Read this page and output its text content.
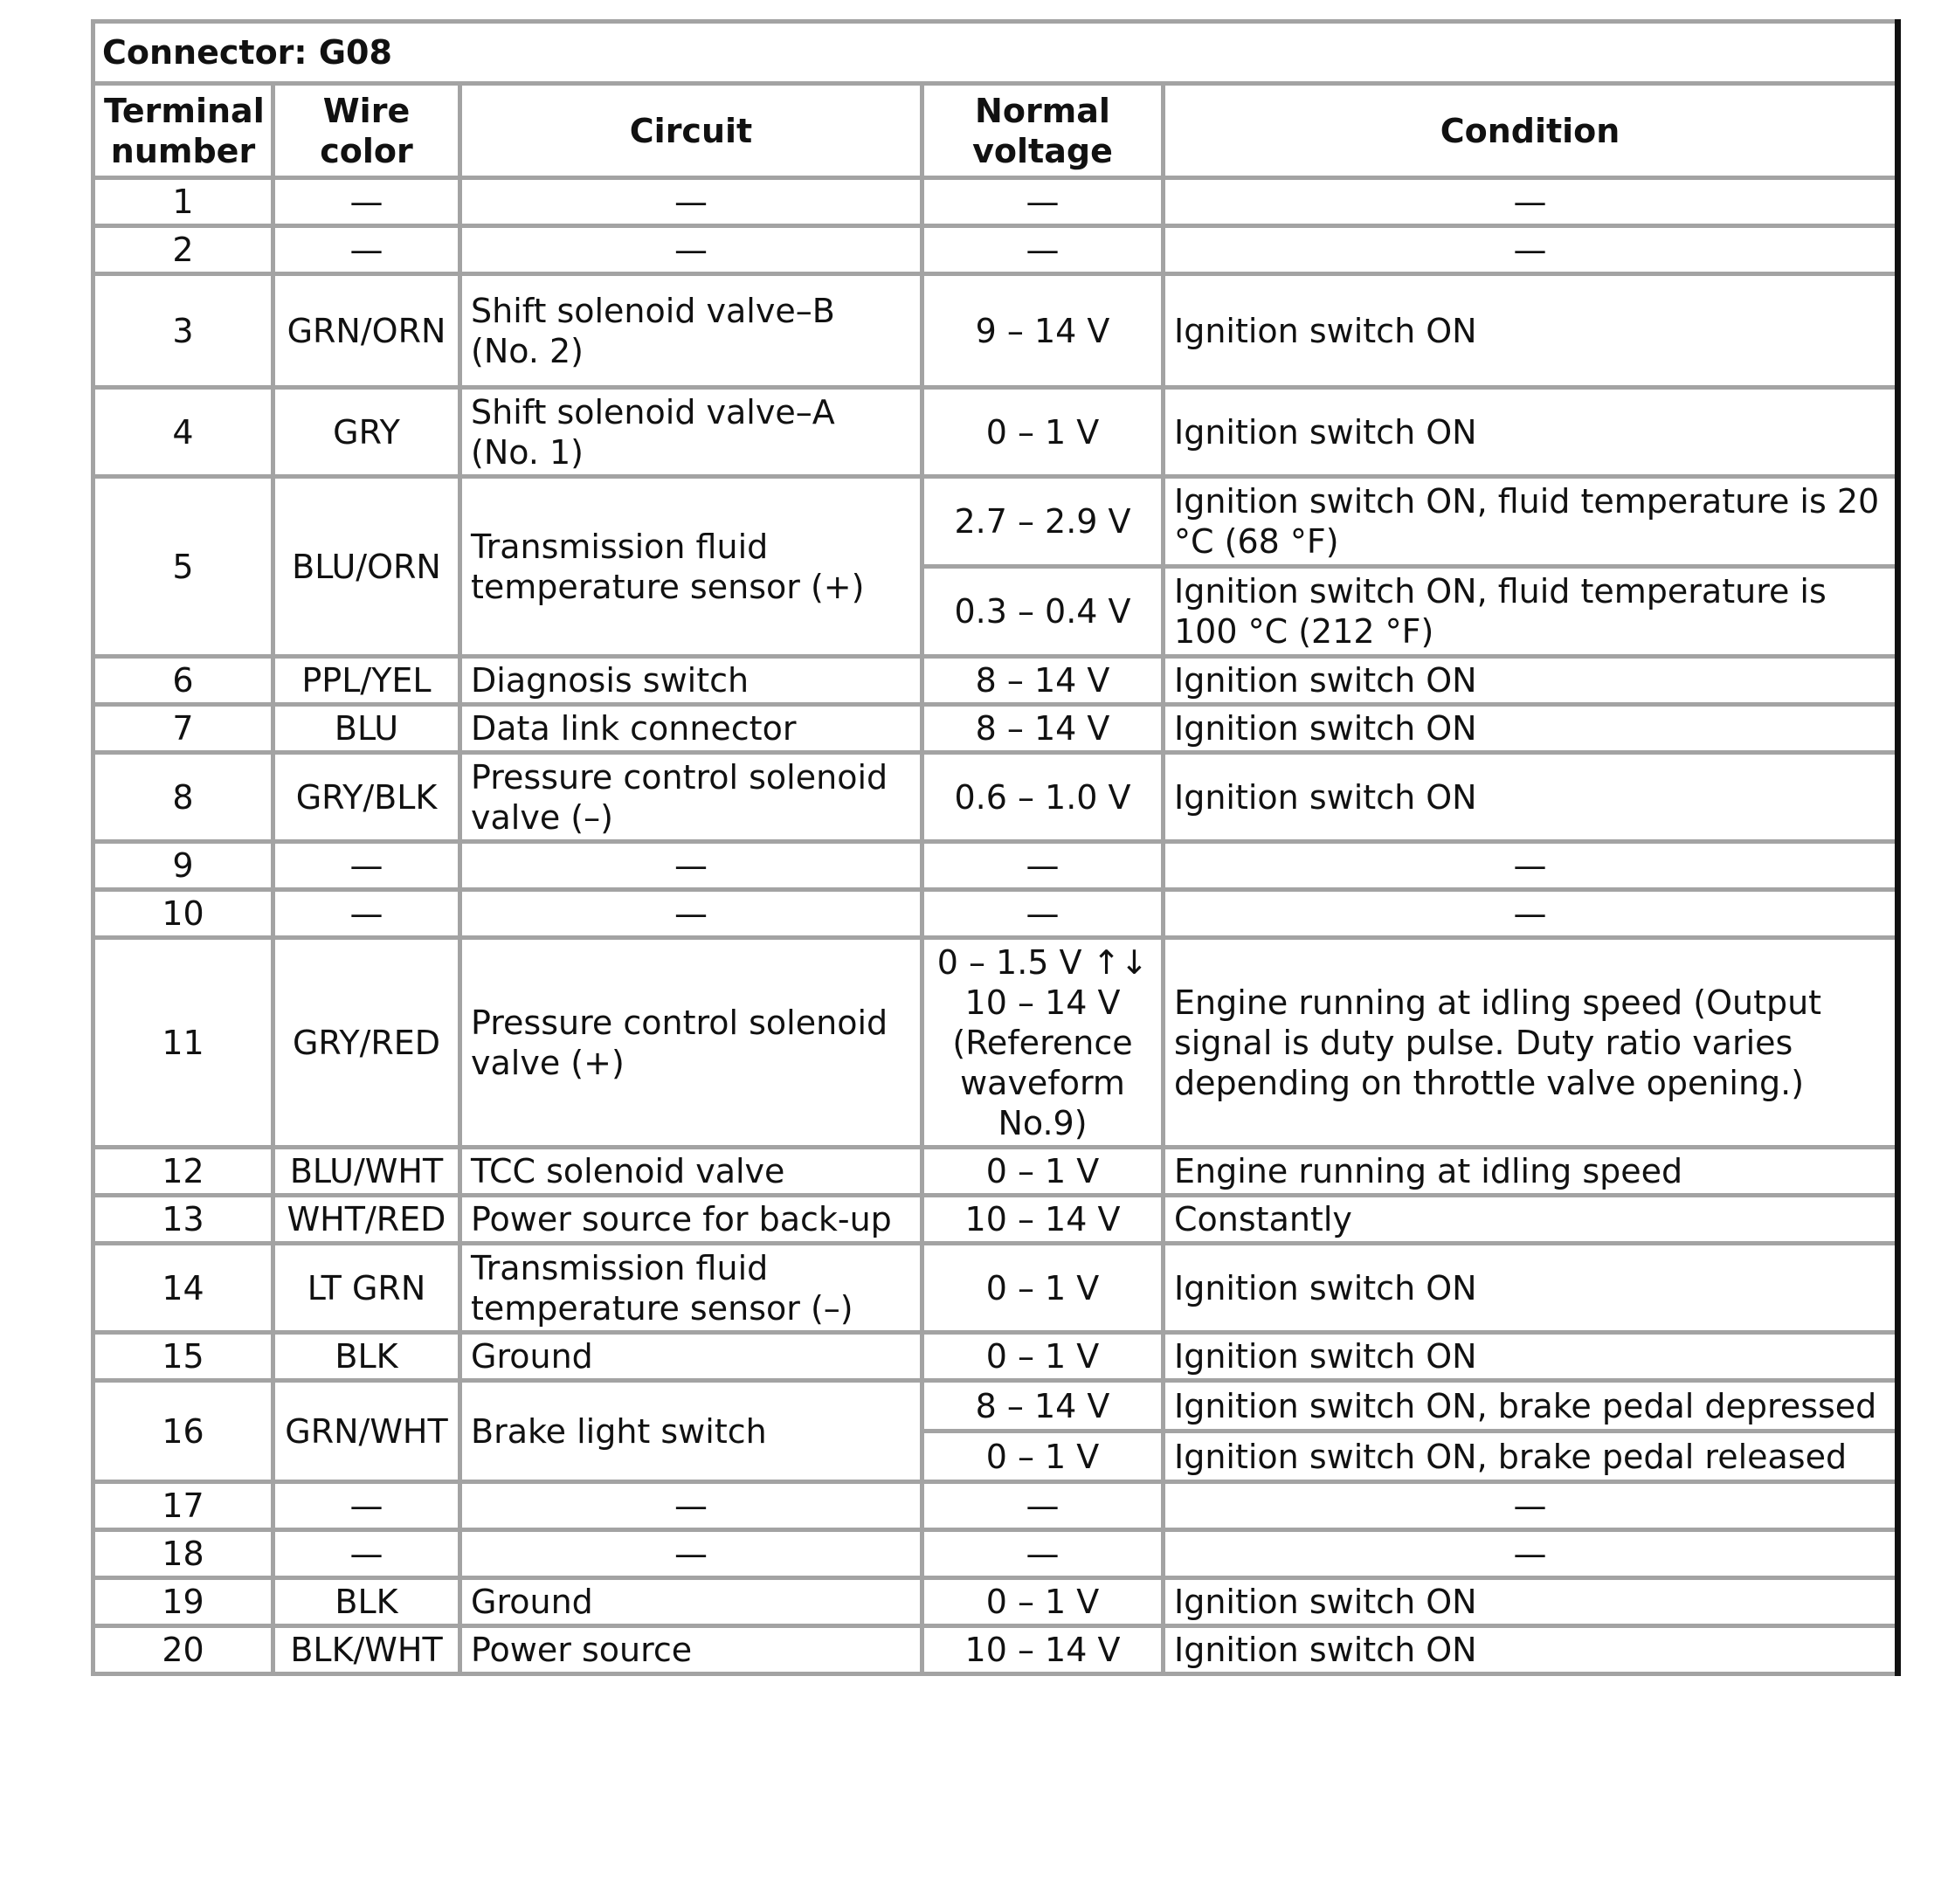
Connector: G08				
Terminal number	Wire color	Circuit	Normal voltage	Condition
1	—	—	—	—
2	—	—	—	—
3	GRN/ORN	Shift solenoid valve–B (No. 2)	9 – 14 V	Ignition switch ON
4	GRY	Shift solenoid valve–A (No. 1)	0 – 1 V	Ignition switch ON
5	BLU/ORN	Transmission fluid temperature sensor (+)	2.7 – 2.9 V	Ignition switch ON, fluid temperature is 20 °C (68 °F)
			0.3 – 0.4 V	Ignition switch ON, fluid temperature is 100 °C (212 °F)
6	PPL/YEL	Diagnosis switch	8 – 14 V	Ignition switch ON
7	BLU	Data link connector	8 – 14 V	Ignition switch ON
8	GRY/BLK	Pressure control solenoid valve (–)	0.6 – 1.0 V	Ignition switch ON
9	—	—	—	—
10	—	—	—	—
11	GRY/RED	Pressure control solenoid valve (+)	0 – 1.5 V ↑↓ 10 – 14 V (Reference waveform No.9)	Engine running at idling speed (Output signal is duty pulse. Duty ratio varies depending on throttle valve opening.)
12	BLU/WHT	TCC solenoid valve	0 – 1 V	Engine running at idling speed
13	WHT/RED	Power source for back-up	10 – 14 V	Constantly
14	LT GRN	Transmission fluid temperature sensor (–)	0 – 1 V	Ignition switch ON
15	BLK	Ground	0 – 1 V	Ignition switch ON
16	GRN/WHT	Brake light switch	8 – 14 V	Ignition switch ON, brake pedal depressed
			0 – 1 V	Ignition switch ON, brake pedal released
17	—	—	—	—
18	—	—	—	—
19	BLK	Ground	0 – 1 V	Ignition switch ON
20	BLK/WHT	Power source	10 – 14 V	Ignition switch ON
